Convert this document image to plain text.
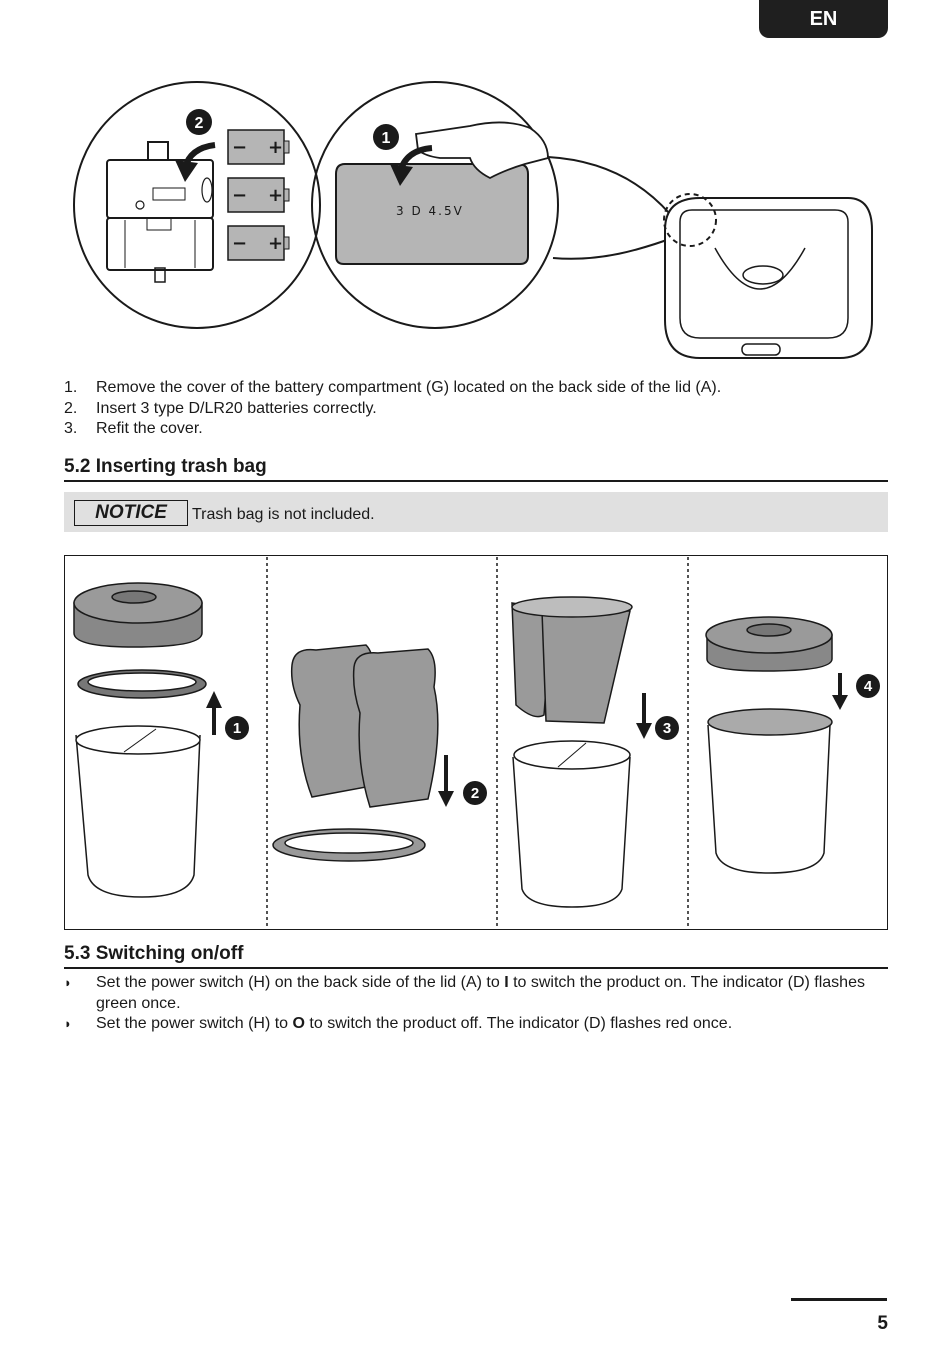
EN
− +
− +
− +
3 D 4.5V
2
1
1.	Remove the cover of the battery compartment (G) located on the back side of the lid (A).
2.	Insert 3 type D/LR20 batteries correctly.
3.	Refit the cover.
5.2 Inserting trash bag
NOTICE	Trash bag is not included.
1
2
3
4
5.3 Switching on/off
◗	Set the power switch (H) on the back side of the lid (A) to I to switch the product on. The indicator (D) flashes green once.
◗	Set the power switch (H) to O to switch the product off. The indicator (D) flashes red once.
5
